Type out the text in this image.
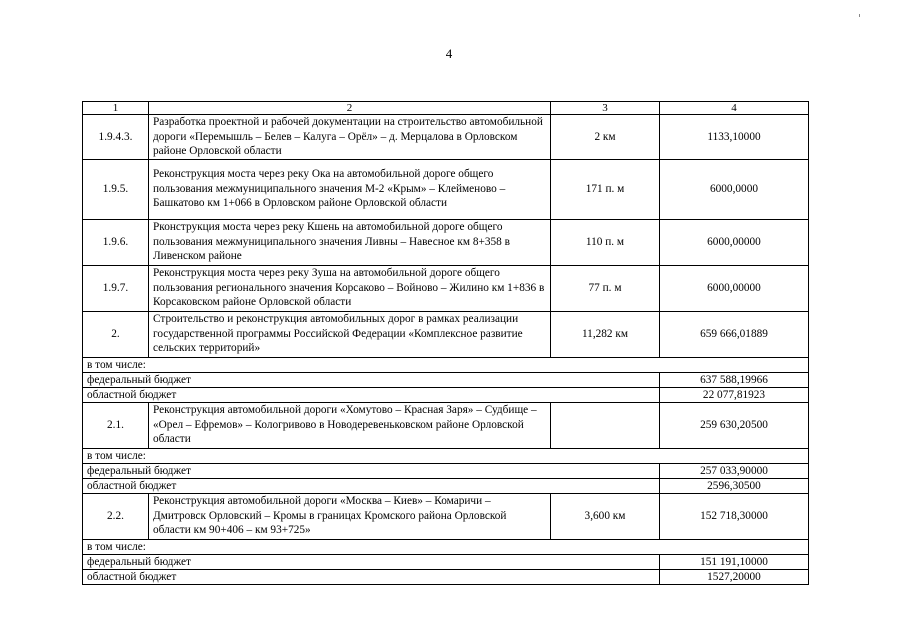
4
1	2	3	4
1.9.4.3.	Разработка проектной и рабочей документации на строительство автомобильной дороги «Перемышль – Белев – Калуга – Орёл» – д. Мерцалова в Орловском районе Орловской области	2 км	1133,10000
1.9.5.	Реконструкция моста через реку Ока на автомобильной дороге общего пользования межмуниципального значения М-2 «Крым» – Клейменово – Башкатово км 1+066 в Орловском районе Орловской области	171 п. м	6000,0000
1.9.6.	Рконструкция моста через реку Кшень на автомобильной дороге общего пользования межмуниципального значения Ливны – Навесное км 8+358 в Ливенском районе	110 п. м	6000,00000
1.9.7.	Реконструкция моста через реку Зуша на автомобильной дороге общего пользования регионального значения Корсаково – Войново – Жилино км 1+836 в Корсаковском районе Орловской области	77 п. м	6000,00000
2.	Строительство и реконструкция автомобильных дорог в рамках реализации государственной программы Российской Федерации «Комплексное развитие сельских территорий»	11,282 км	659 666,01889
в том числе:			
федеральный бюджет			637 588,19966
областной бюджет			22 077,81923
2.1.	Реконструкция автомобильной дороги «Хомутово – Красная Заря» – Судбище – «Орел – Ефремов» – Кологривово в Новодеревеньковском районе Орловской области		259 630,20500
в том числе:			
федеральный бюджет			257 033,90000
областной бюджет			2596,30500
2.2.	Реконструкция автомобильной дороги «Москва – Киев» – Комаричи – Дмитровск Орловский – Кромы в границах Кромского района Орловской области км 90+406 – км 93+725»	3,600 км	152 718,30000
в том числе:			
федеральный бюджет			151 191,10000
областной бюджет			1527,20000
